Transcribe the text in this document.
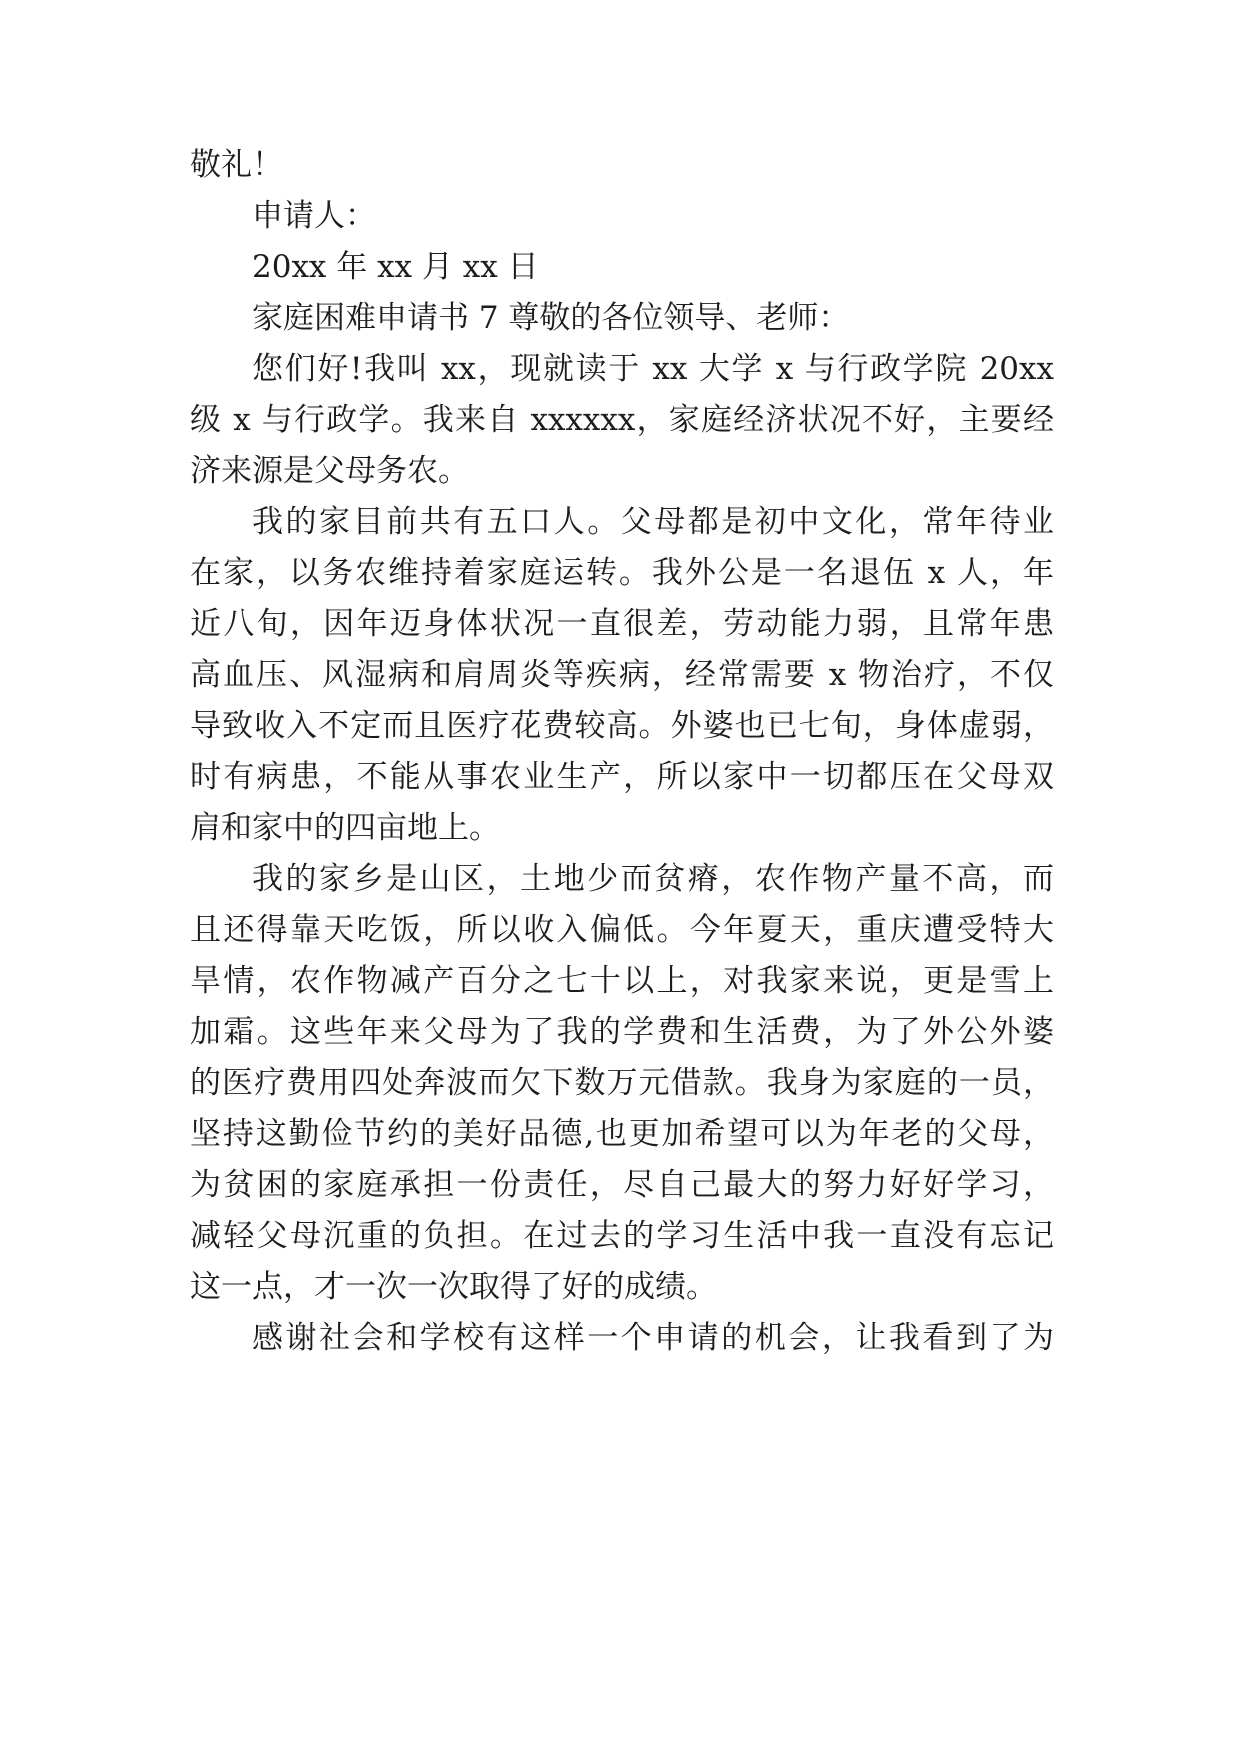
敬礼！
申请人：
20xx 年 xx 月 xx 日
家庭困难申请书 7 尊敬的各位领导、老师：
您们好!我叫 xx，现就读于 xx 大学 x 与行政学院 20xx
级 x 与行政学。我来自 xxxxxx，家庭经济状况不好，主要经
济来源是父母务农。
我的家目前共有五口人。父母都是初中文化，常年待业
在家，以务农维持着家庭运转。我外公是一名退伍 x 人，年
近八旬，因年迈身体状况一直很差，劳动能力弱，且常年患
高血压、风湿病和肩周炎等疾病，经常需要 x 物治疗，不仅
导致收入不定而且医疗花费较高。外婆也已七旬，身体虚弱，
时有病患，不能从事农业生产，所以家中一切都压在父母双
肩和家中的四亩地上。
我的家乡是山区，土地少而贫瘠，农作物产量不高，而
且还得靠天吃饭，所以收入偏低。今年夏天，重庆遭受特大
旱情，农作物减产百分之七十以上，对我家来说，更是雪上
加霜。这些年来父母为了我的学费和生活费，为了外公外婆
的医疗费用四处奔波而欠下数万元借款。我身为家庭的一员，
坚持这勤俭节约的美好品德,也更加希望可以为年老的父母，
为贫困的家庭承担一份责任，尽自己最大的努力好好学习，
减轻父母沉重的负担。在过去的学习生活中我一直没有忘记
这一点，才一次一次取得了好的成绩。
感谢社会和学校有这样一个申请的机会，让我看到了为
